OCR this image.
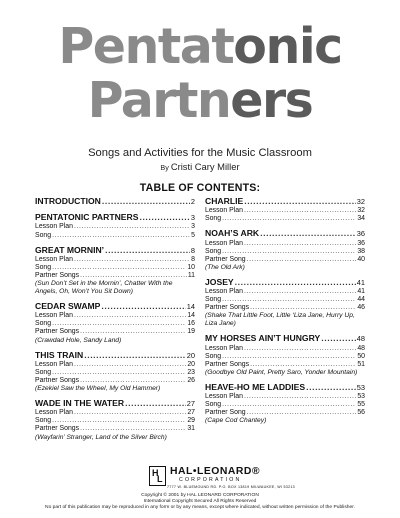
Pentatonic
Partners
Songs and Activities for the Music Classroom
By Cristi Cary Miller
TABLE OF CONTENTS:
INTRODUCTION .....	2
PENTATONIC PARTNERS .....	3
Lesson Plan .....	3
Song .....	5
GREAT MORNIN’ .....	8
Lesson Plan .....	8
Song .....	10
Partner Songs .....	11
(Sun Don’t Set in the Mornin’, Chatter With the Angels, Oh, Won’t You Sit Down)
CEDAR SWAMP .....	14
Lesson Plan .....	14
Song .....	16
Partner Songs .....	19
(Crawdad Hole, Sandy Land)
THIS TRAIN .....	20
Lesson Plan .....	20
Song .....	23
Partner Songs .....	26
(Ezekiel Saw the Wheel, My Old Hammer)
WADE IN THE WATER .....	27
Lesson Plan .....	27
Song .....	29
Partner Songs .....	31
(Wayfarin’ Stranger, Land of the Silver Birch)
CHARLIE .....	32
Lesson Plan .....	32
Song .....	34
NOAH’S ARK .....	36
Lesson Plan .....	36
Song .....	38
Partner Song .....	40
(The Old Ark)
JOSEY .....	41
Lesson Plan .....	41
Song .....	44
Partner Songs .....	46
(Shake That Little Foot, Little ‘Liza Jane, Hurry Up, Liza Jane)
MY HORSES AIN’T HUNGRY .....	48
Lesson Plan .....	48
Song .....	50
Partner Songs .....	51
(Goodbye Old Paint, Pretty Saro, Yonder Mountain)
HEAVE-HO ME LADDIES .....	53
Lesson Plan .....	53
Song .....	55
Partner Song .....	56
(Cape Cod Chantey)
H
L
HAL•LEONARD®
CORPORATION
7777 W. BLUEMOUND RD. P.O. BOX 13819 MILWAUKEE, WI 53213
Copyright © 2001 by HAL LEONARD CORPORATION
International Copyright Secured All Rights Reserved
No part of this publication may be reproduced in any form or by any means, except where indicated, without written permission of the Publisher.
